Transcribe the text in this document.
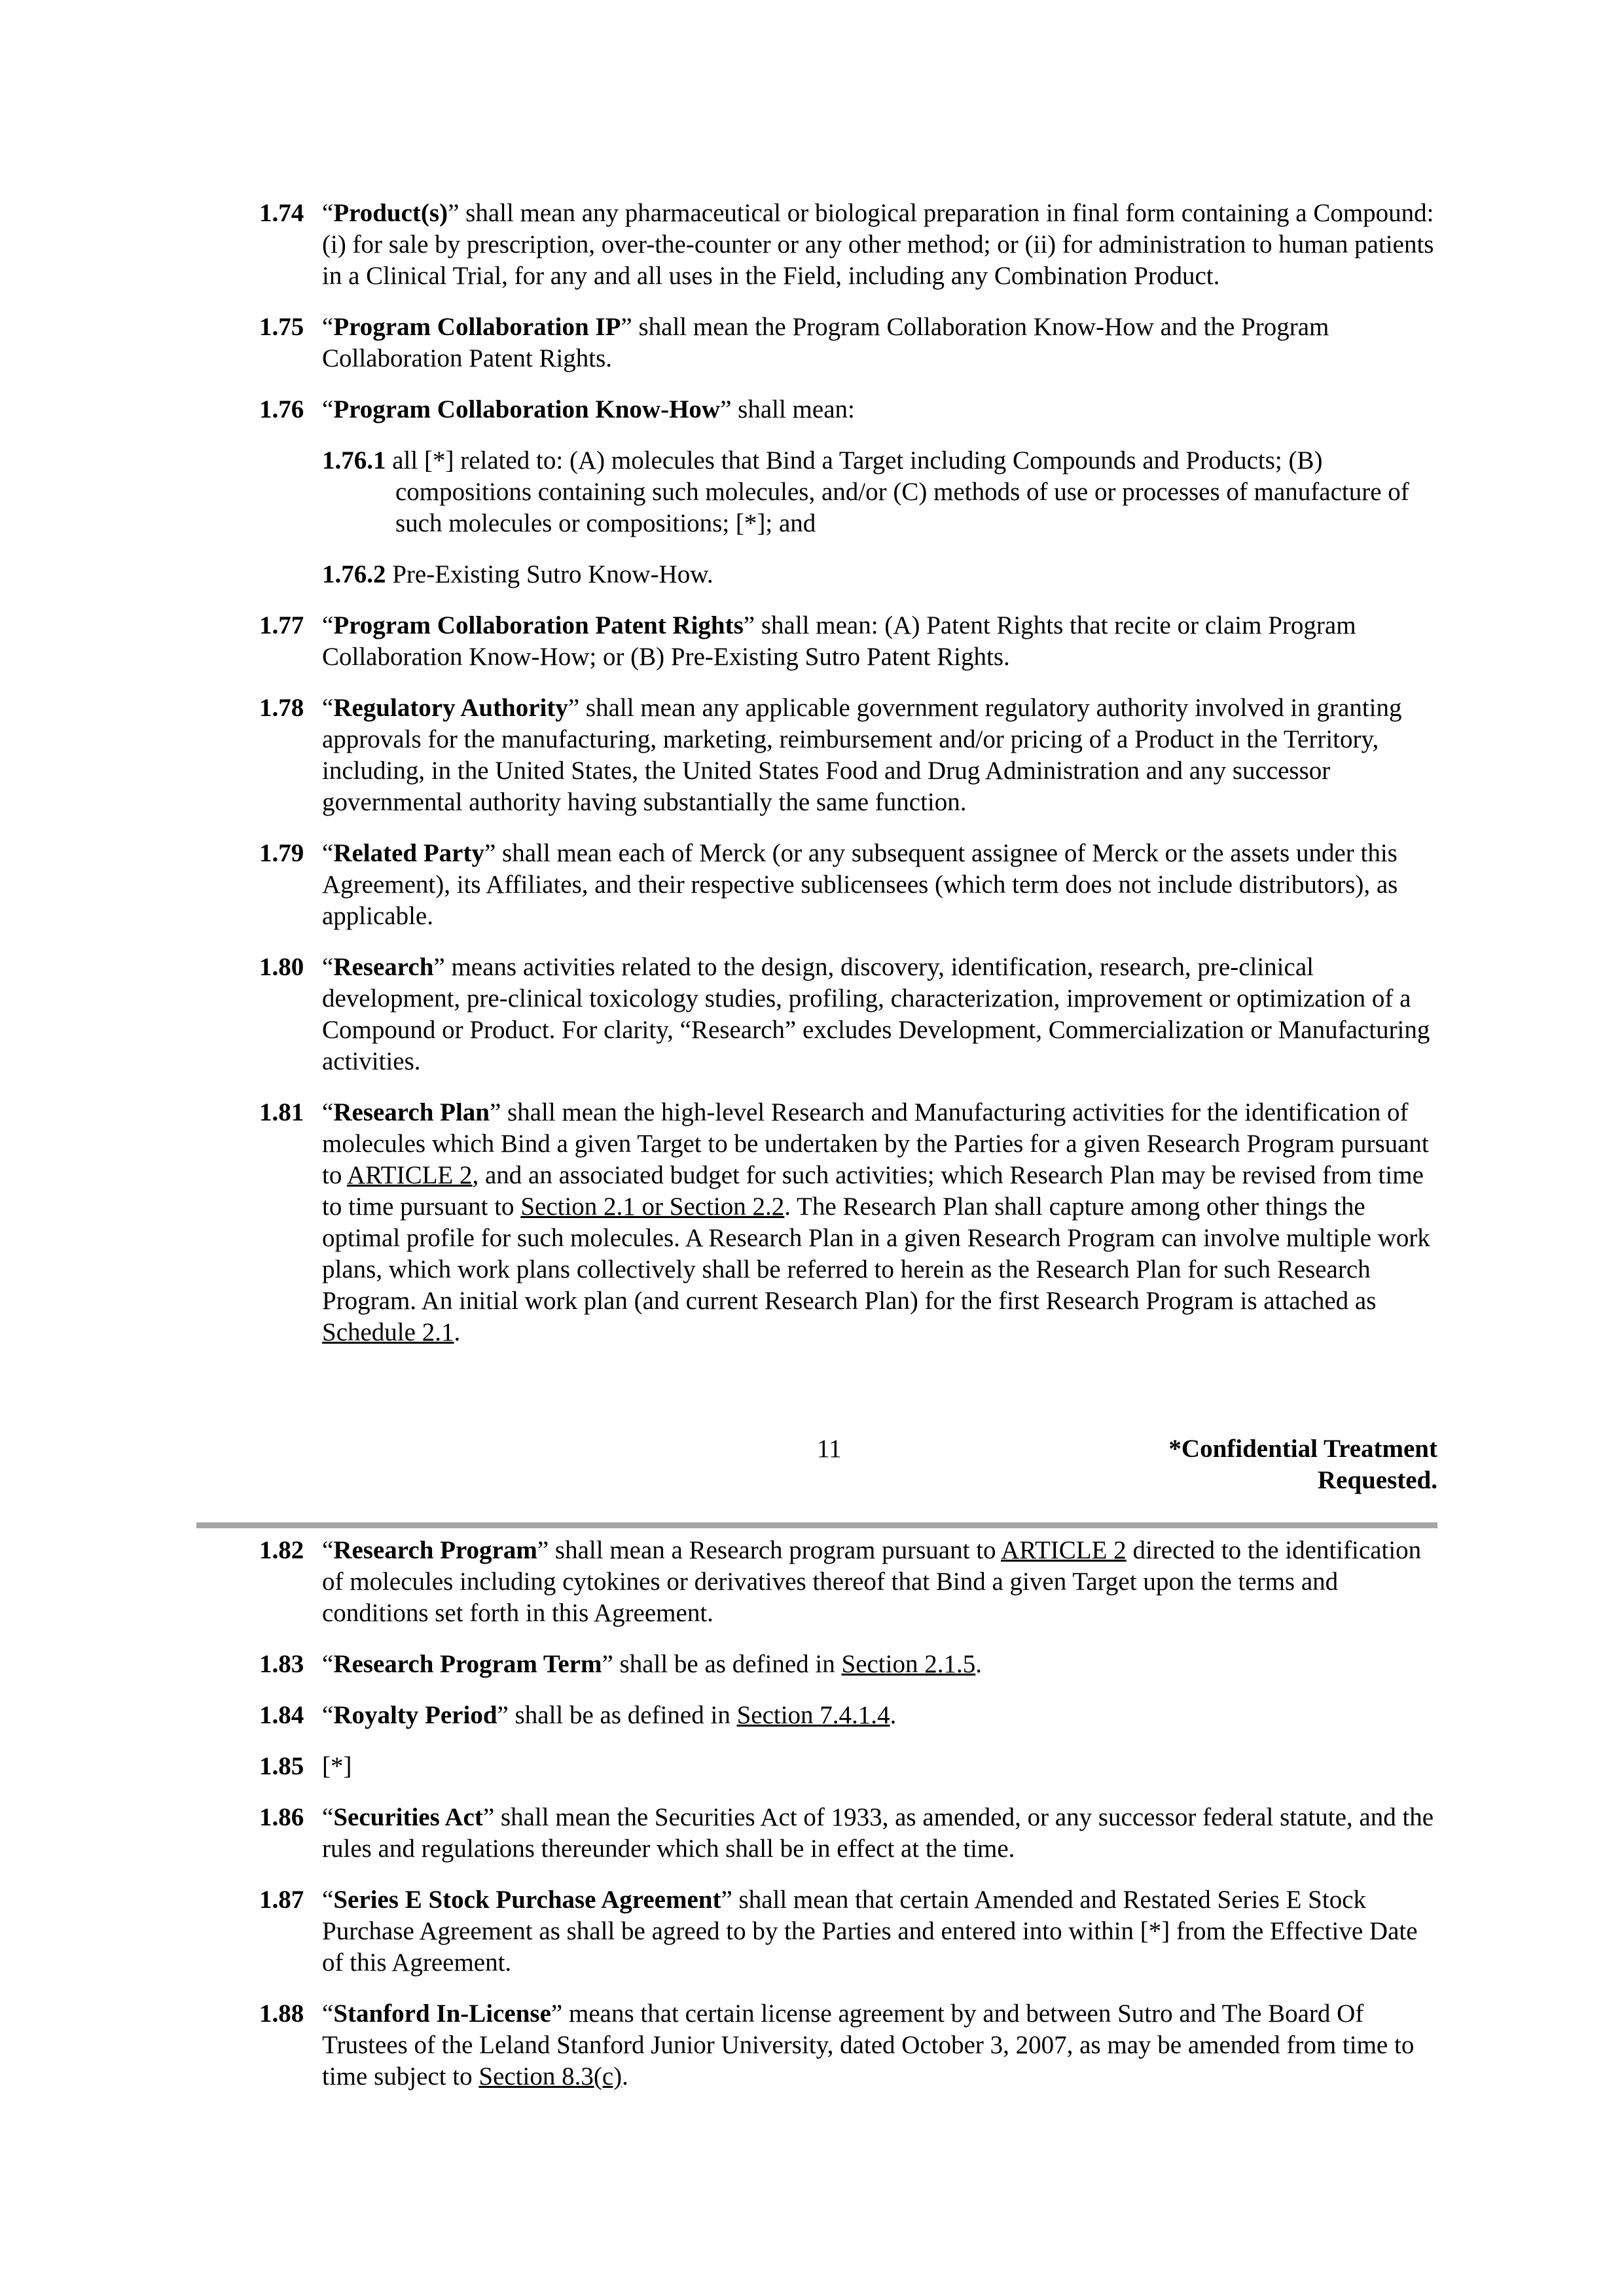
1.74 “Product(s)” shall mean any pharmaceutical or biological preparation in final form containing a Compound: (i) for sale by prescription, over-the-counter or any other method; or (ii) for administration to human patients in a Clinical Trial, for any and all uses in the Field, including any Combination Product.
1.75 “Program Collaboration IP” shall mean the Program Collaboration Know-How and the Program Collaboration Patent Rights.
1.76 “Program Collaboration Know-How” shall mean:
1.76.1 all [*] related to: (A) molecules that Bind a Target including Compounds and Products; (B) compositions containing such molecules, and/or (C) methods of use or processes of manufacture of such molecules or compositions; [*]; and
1.76.2 Pre-Existing Sutro Know-How.
1.77 “Program Collaboration Patent Rights” shall mean: (A) Patent Rights that recite or claim Program Collaboration Know-How; or (B) Pre-Existing Sutro Patent Rights.
1.78 “Regulatory Authority” shall mean any applicable government regulatory authority involved in granting approvals for the manufacturing, marketing, reimbursement and/or pricing of a Product in the Territory, including, in the United States, the United States Food and Drug Administration and any successor governmental authority having substantially the same function.
1.79 “Related Party” shall mean each of Merck (or any subsequent assignee of Merck or the assets under this Agreement), its Affiliates, and their respective sublicensees (which term does not include distributors), as applicable.
1.80 “Research” means activities related to the design, discovery, identification, research, pre-clinical development, pre-clinical toxicology studies, profiling, characterization, improvement or optimization of a Compound or Product. For clarity, “Research” excludes Development, Commercialization or Manufacturing activities.
1.81 “Research Plan” shall mean the high-level Research and Manufacturing activities for the identification of molecules which Bind a given Target to be undertaken by the Parties for a given Research Program pursuant to ARTICLE 2, and an associated budget for such activities; which Research Plan may be revised from time to time pursuant to Section 2.1 or Section 2.2. The Research Plan shall capture among other things the optimal profile for such molecules. A Research Plan in a given Research Program can involve multiple work plans, which work plans collectively shall be referred to herein as the Research Plan for such Research Program. An initial work plan (and current Research Plan) for the first Research Program is attached as Schedule 2.1.
11	*Confidential Treatment
Requested.
1.82 “Research Program” shall mean a Research program pursuant to ARTICLE 2 directed to the identification of molecules including cytokines or derivatives thereof that Bind a given Target upon the terms and conditions set forth in this Agreement.
1.83 “Research Program Term” shall be as defined in Section 2.1.5.
1.84 “Royalty Period” shall be as defined in Section 7.4.1.4.
1.85 [*]
1.86 “Securities Act” shall mean the Securities Act of 1933, as amended, or any successor federal statute, and the rules and regulations thereunder which shall be in effect at the time.
1.87 “Series E Stock Purchase Agreement” shall mean that certain Amended and Restated Series E Stock Purchase Agreement as shall be agreed to by the Parties and entered into within [*] from the Effective Date of this Agreement.
1.88 “Stanford In-License” means that certain license agreement by and between Sutro and The Board Of Trustees of the Leland Stanford Junior University, dated October 3, 2007, as may be amended from time to time subject to Section 8.3(c).
